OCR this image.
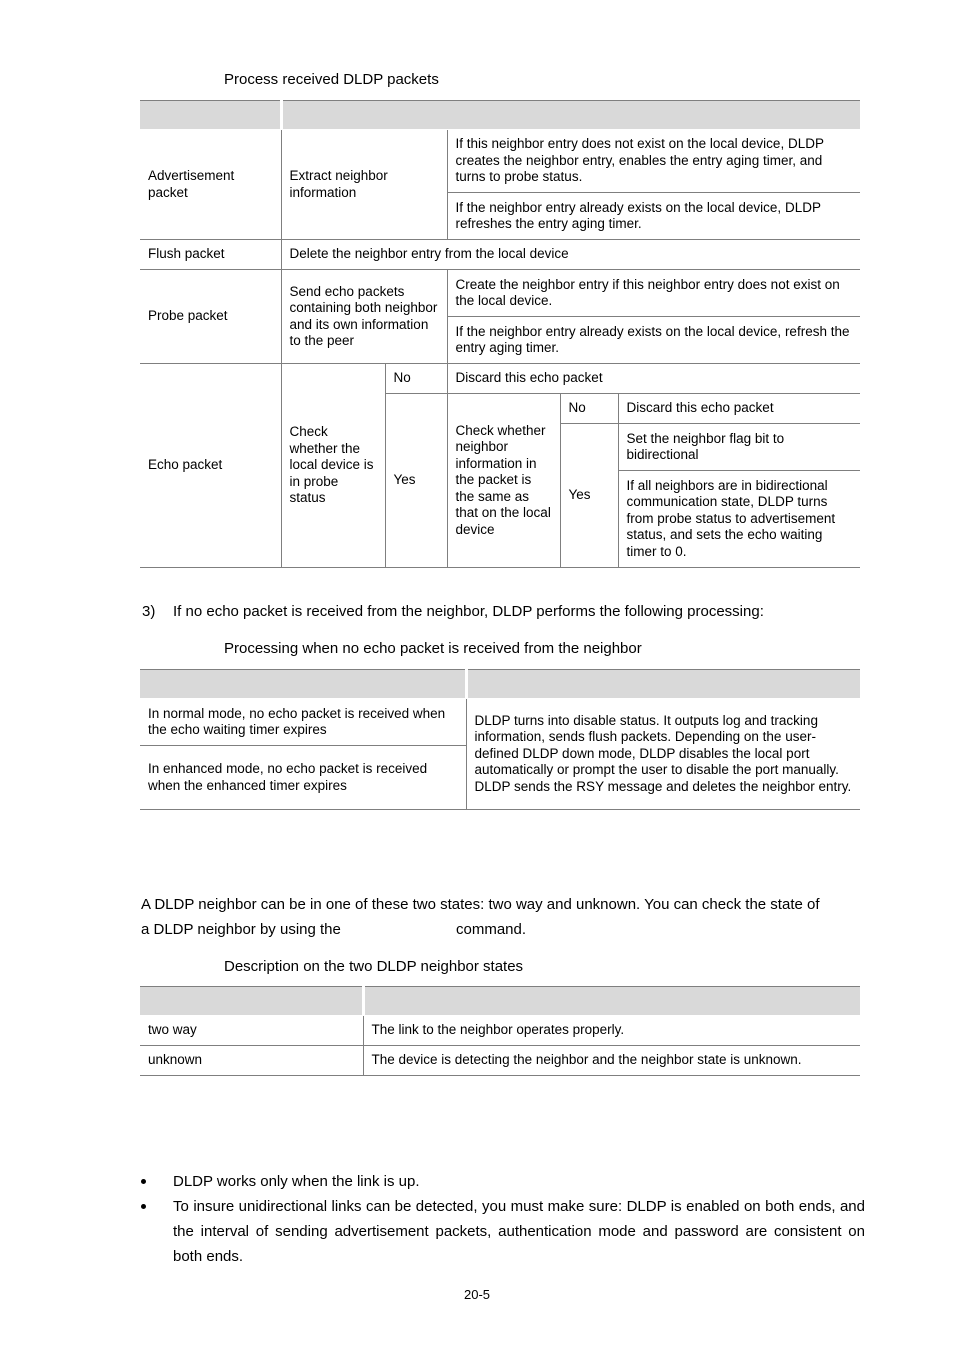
Process received DLDP packets

Advertisement packet	Extract neighbor information		If this neighbor entry does not exist on the local device, DLDP creates the neighbor entry, enables the entry aging timer, and turns to probe status.		
			If the neighbor entry already exists on the local device, DLDP refreshes the entry aging timer.		
Flush packet	Delete the neighbor entry from the local device				
Probe packet	Send echo packets containing both neighbor and its own information to the peer		Create the neighbor entry if this neighbor entry does not exist on the local device.		
			If the neighbor entry already exists on the local device, refresh the entry aging timer.		
Echo packet	Check whether the local device is in probe status	No	Discard this echo packet		
		Yes	Check whether neighbor information in the packet is the same as that on the local device	No	Discard this echo packet
				Yes	Set the neighbor flag bit to bidirectional
					If all neighbors are in bidirectional communication state, DLDP turns from probe status to advertisement status, and sets the echo waiting timer to 0.
3) If no echo packet is received from the neighbor, DLDP performs the following processing:
Processing when no echo packet is received from the neighbor

In normal mode, no echo packet is received when the echo waiting timer expires	DLDP turns into disable status. It outputs log and tracking information, sends flush packets. Depending on the user-defined DLDP down mode, DLDP disables the local port automatically or prompt the user to disable the port manually. DLDP sends the RSY message and deletes the neighbor entry.
In enhanced mode, no echo packet is received when the enhanced timer expires	
A DLDP neighbor can be in one of these two states: two way and unknown. You can check the state of
a DLDP neighbor by using the	command.
Description on the two DLDP neighbor states

two way	The link to the neighbor operates properly.
unknown	The device is detecting the neighbor and the neighbor state is unknown.
DLDP works only when the link is up.
To insure unidirectional links can be detected, you must make sure: DLDP is enabled on both ends, and the interval of sending advertisement packets, authentication mode and password are consistent on both ends.
20-5
